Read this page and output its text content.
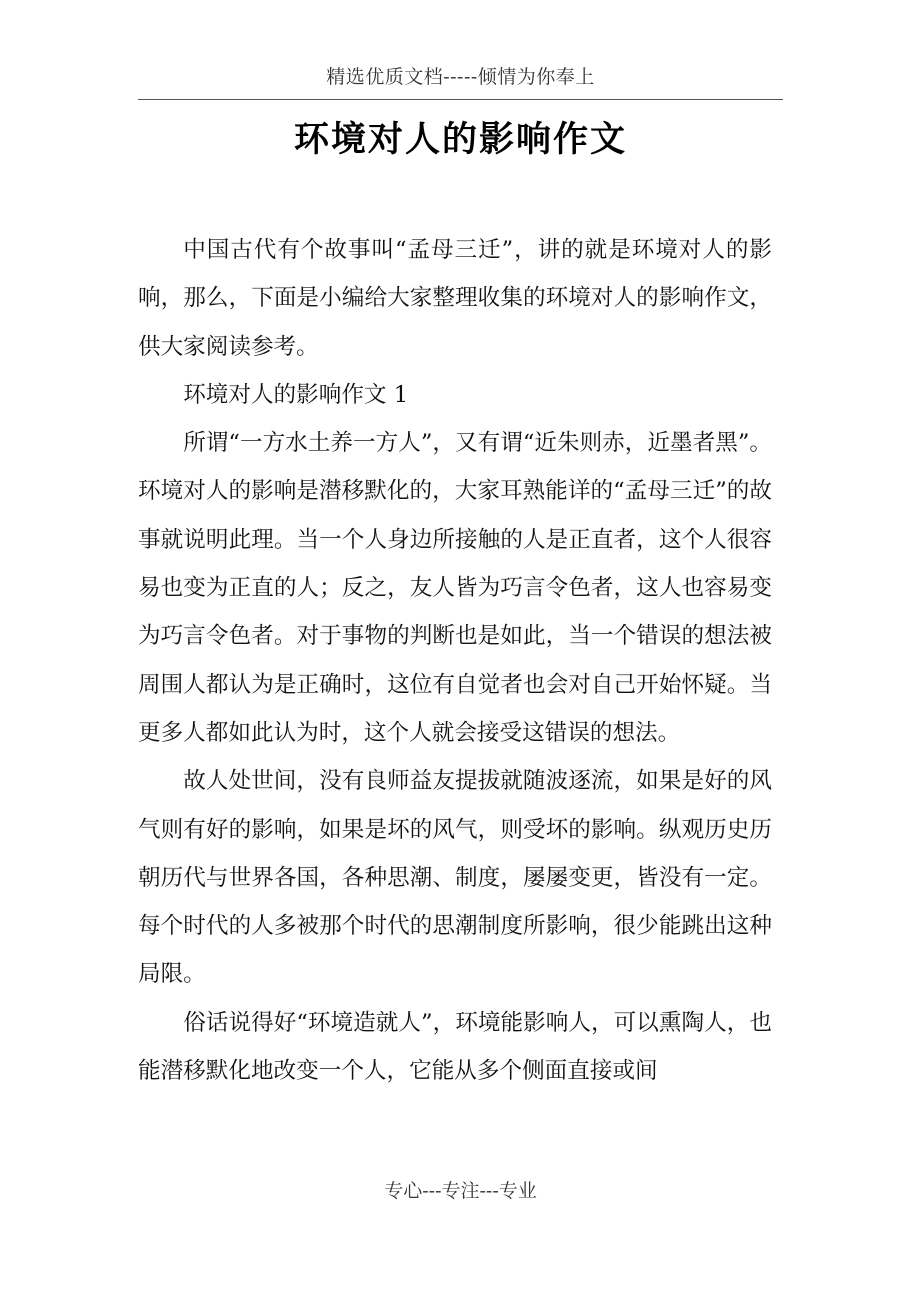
精选优质文档-----倾情为你奉上
环境对人的影响作文

中国古代有个故事叫“孟母三迁”，讲的就是环境对人的影响，那么，下面是小编给大家整理收集的环境对人的影响作文，供大家阅读参考。

环境对人的影响作文 1

所谓“一方水土养一方人”，又有谓“近朱则赤，近墨者黑”。环境对人的影响是潜移默化的，大家耳熟能详的“孟母三迁”的故事就说明此理。当一个人身边所接触的人是正直者，这个人很容易也变为正直的人；反之，友人皆为巧言令色者，这人也容易变为巧言令色者。对于事物的判断也是如此，当一个错误的想法被周围人都认为是正确时，这位有自觉者也会对自己开始怀疑。当更多人都如此认为时，这个人就会接受这错误的想法。

故人处世间，没有良师益友提拔就随波逐流，如果是好的风气则有好的影响，如果是坏的风气，则受坏的影响。纵观历史历朝历代与世界各国，各种思潮、制度，屡屡变更，皆没有一定。每个时代的人多被那个时代的思潮制度所影响，很少能跳出这种局限。

俗话说得好“环境造就人”，环境能影响人，可以熏陶人，也能潜移默化地改变一个人，它能从多个侧面直接或间

专心---专注---专业
